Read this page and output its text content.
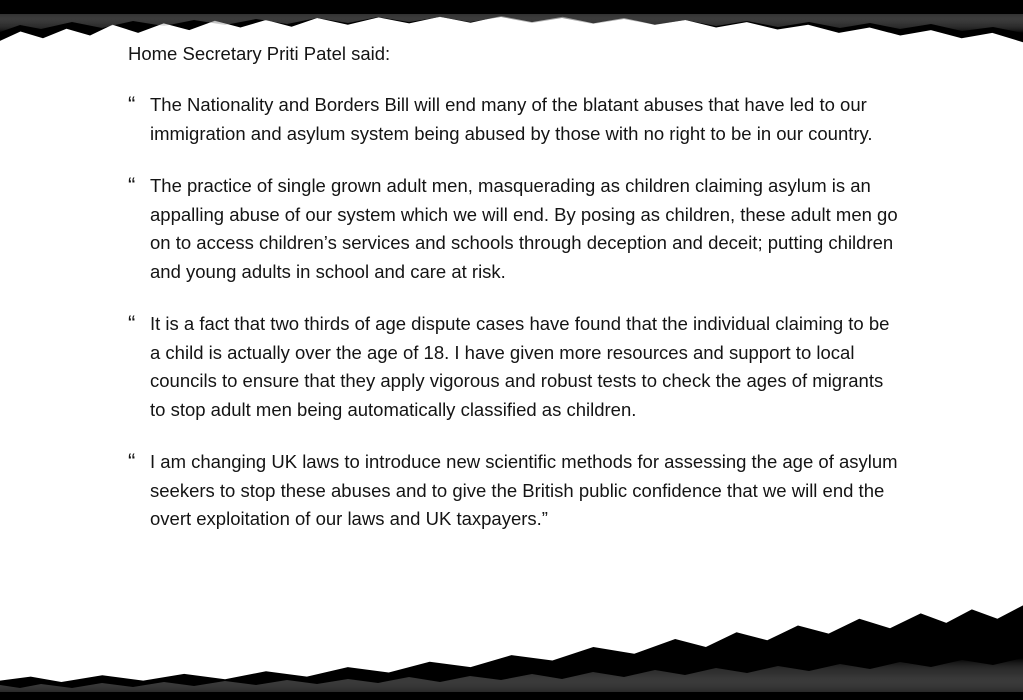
Home Secretary Priti Patel said:

“ The Nationality and Borders Bill will end many of the blatant abuses that have led to our immigration and asylum system being abused by those with no right to be in our country.

“ The practice of single grown adult men, masquerading as children claiming asylum is an appalling abuse of our system which we will end. By posing as children, these adult men go on to access children’s services and schools through deception and deceit; putting children and young adults in school and care at risk.

“ It is a fact that two thirds of age dispute cases have found that the individual claiming to be a child is actually over the age of 18. I have given more resources and support to local councils to ensure that they apply vigorous and robust tests to check the ages of migrants to stop adult men being automatically classified as children.

“ I am changing UK laws to introduce new scientific methods for assessing the age of asylum seekers to stop these abuses and to give the British public confidence that we will end the overt exploitation of our laws and UK taxpayers.”
